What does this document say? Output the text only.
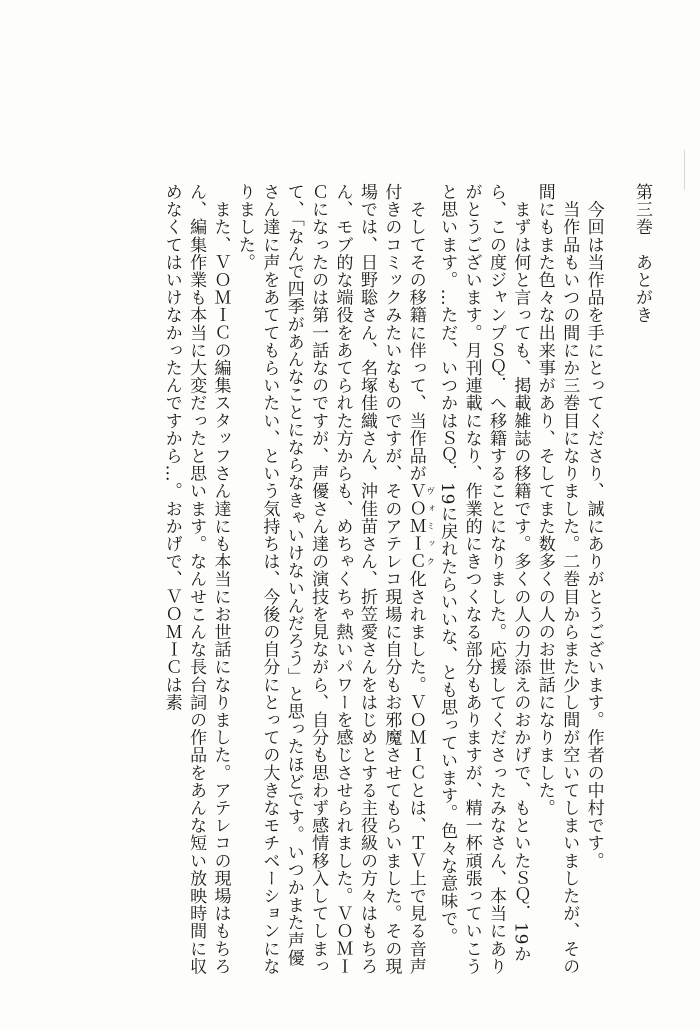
第三巻　あとがき
　今回は当作品を手にとってくださり、誠にありがとうございます。作者の中村です。
　当作品もいつの間にか三巻目になりました。二巻目からまた少し間が空いてしまいましたが、その間にもまた色々な出来事があり、そしてまた数多くの人のお世話になりました。
　まずは何と言っても、掲載雑誌の移籍です。多くの人の力添えのおかげで、もといたＳＱ．19から、この度ジャンプＳＱ．へ移籍することになりました。応援してくださったみなさん、本当にありがとうございます。月刊連載になり、作業的にきつくなる部分もありますが、精一杯頑張っていこうと思います。…ただ、いつかはＳＱ．19に戻れたらいいな、とも思っています。色々な意味で。
　そしてその移籍に伴って、当作品がＶＯＭＩＣ ヴォミック化されました。ＶＯＭＩＣとは、ＴＶ上で見る音声付きのコミックみたいなものですが、そのアテレコ現場に自分もお邪魔させてもらいました。その現場では、日野聡さん、名塚佳織さん、沖佳苗さん、折笠愛さんをはじめとする主役級の方々はもちろん、モブ的な端役をあてられた方からも、めちゃくちゃ熱いパワーを感じさせられました。ＶＯＭＩＣになったのは第一話なのですが、声優さん達の演技を見ながら、自分も思わず感情移入してしまって、「なんで四季があんなことにならなきゃいけないんだろう」と思ったほどです。いつかまた声優さん達に声をあててもらいたい、という気持ちは、今後の自分にとっての大きなモチベーションになりました。
　また、ＶＯＭＩＣの編集スタッフさん達にも本当にお世話になりました。アテレコの現場はもちろん、編集作業も本当に大変だったと思います。なんせこんな長台詞の作品をあんな短い放映時間に収めなくてはいけなかったんですから…。おかげで、ＶＯＭＩＣは素
